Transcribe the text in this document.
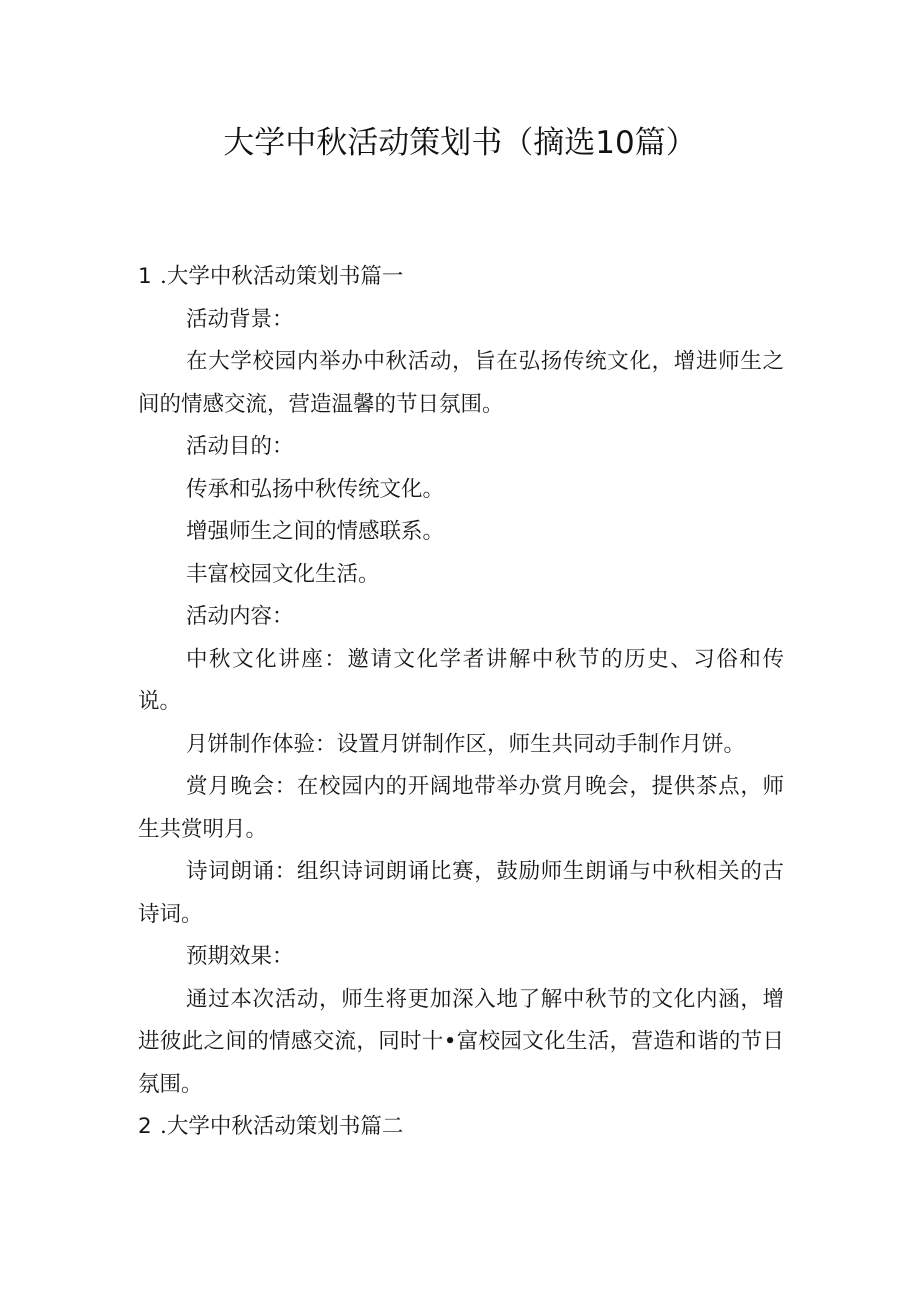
大学中秋活动策划书（摘选10篇）
1 .大学中秋活动策划书篇一
活动背景：
在大学校园内举办中秋活动，旨在弘扬传统文化，增进师生之间的情感交流，营造温馨的节日氛围。
活动目的：
传承和弘扬中秋传统文化。
增强师生之间的情感联系。
丰富校园文化生活。
活动内容：
中秋文化讲座：邀请文化学者讲解中秋节的历史、习俗和传说。
月饼制作体验：设置月饼制作区，师生共同动手制作月饼。
赏月晚会：在校园内的开阔地带举办赏月晚会，提供茶点，师生共赏明月。
诗词朗诵：组织诗词朗诵比赛，鼓励师生朗诵与中秋相关的古诗词。
预期效果：
通过本次活动，师生将更加深入地了解中秋节的文化内涵，增进彼此之间的情感交流，同时十•富校园文化生活，营造和谐的节日氛围。
2 .大学中秋活动策划书篇二
